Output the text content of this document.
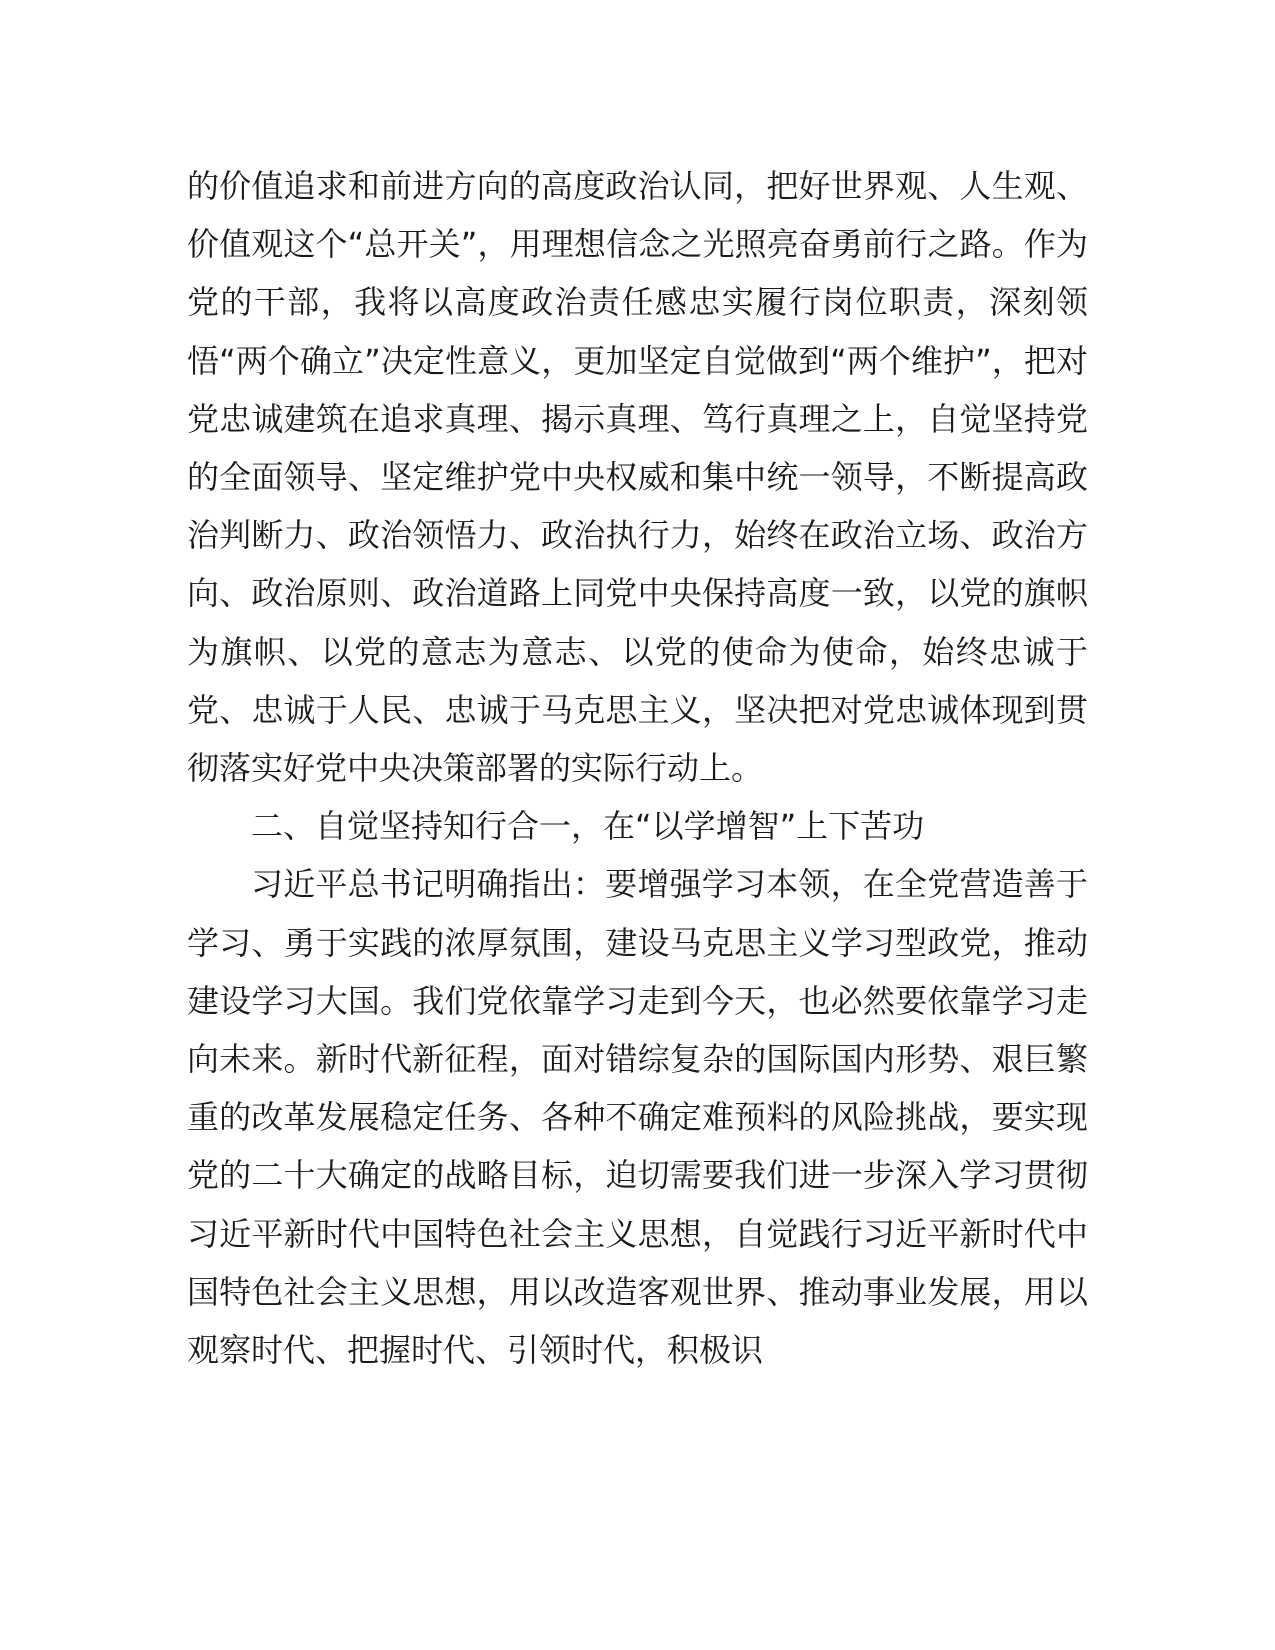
的价值追求和前进方向的高度政治认同，把好世界观、人生观、价值观这个“总开关”，用理想信念之光照亮奋勇前行之路。作为党的干部，我将以高度政治责任感忠实履行岗位职责，深刻领悟“两个确立”决定性意义，更加坚定自觉做到“两个维护”，把对党忠诚建筑在追求真理、揭示真理、笃行真理之上，自觉坚持党的全面领导、坚定维护党中央权威和集中统一领导，不断提高政治判断力、政治领悟力、政治执行力，始终在政治立场、政治方向、政治原则、政治道路上同党中央保持高度一致，以党的旗帜为旗帜、以党的意志为意志、以党的使命为使命，始终忠诚于党、忠诚于人民、忠诚于马克思主义，坚决把对党忠诚体现到贯彻落实好党中央决策部署的实际行动上。

二、自觉坚持知行合一，在“以学增智”上下苦功

习近平总书记明确指出：要增强学习本领，在全党营造善于学习、勇于实践的浓厚氛围，建设马克思主义学习型政党，推动建设学习大国。我们党依靠学习走到今天，也必然要依靠学习走向未来。新时代新征程，面对错综复杂的国际国内形势、艰巨繁重的改革发展稳定任务、各种不确定难预料的风险挑战，要实现党的二十大确定的战略目标，迫切需要我们进一步深入学习贯彻习近平新时代中国特色社会主义思想，自觉践行习近平新时代中国特色社会主义思想，用以改造客观世界、推动事业发展，用以观察时代、把握时代、引领时代，积极识
